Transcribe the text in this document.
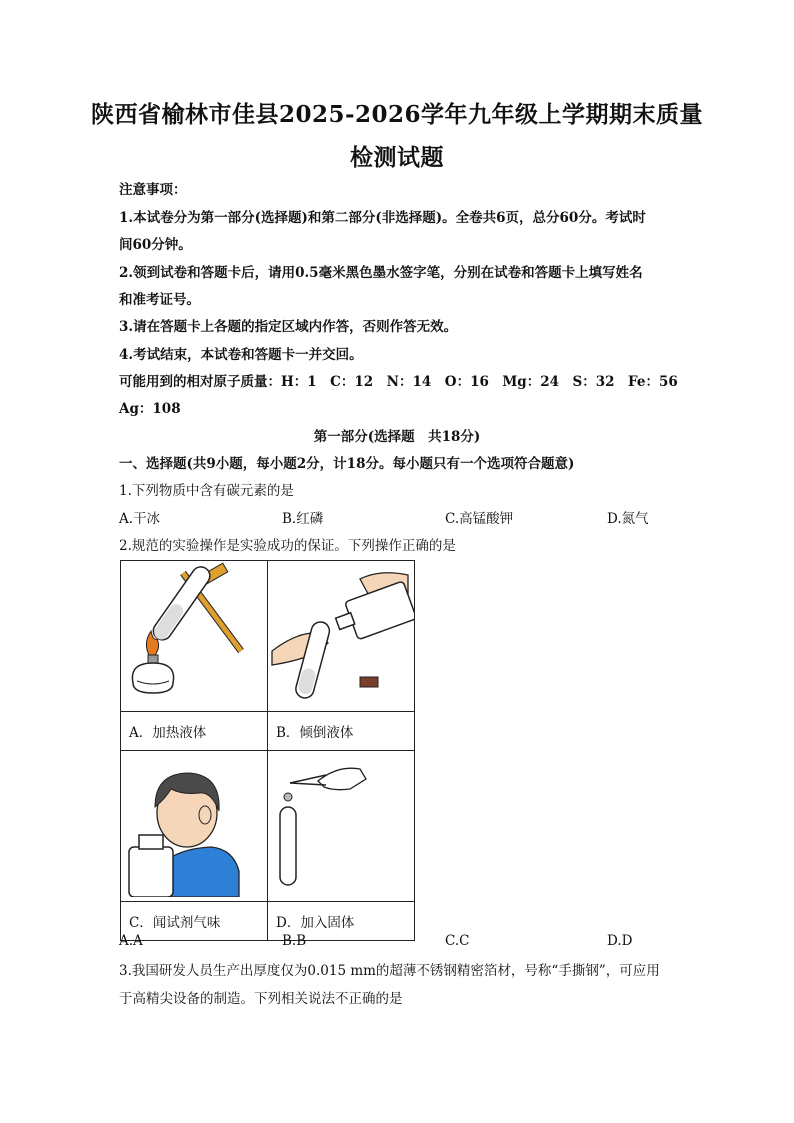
陕西省榆林市佳县2025-2026学年九年级上学期期末质量
检测试题
注意事项：
1.本试卷分为第一部分(选择题)和第二部分(非选择题)。全卷共6页，总分60分。考试时
间60分钟。
2.领到试卷和答题卡后，请用0.5毫米黑色墨水签字笔，分别在试卷和答题卡上填写姓名
和准考证号。
3.请在答题卡上各题的指定区域内作答，否则作答无效。
4.考试结束，本试卷和答题卡一并交回。
可能用到的相对原子质量：H：1　C：12　N：14　O：16　Mg：24　S：32　Fe：56
Ag：108
第一部分(选择题　共18分)
一、选择题(共9小题，每小题2分，计18分。每小题只有一个选项符合题意)
1.下列物质中含有碳元素的是
A.干冰	B.红磷	C.高锰酸钾	D.氮气
2.规范的实验操作是实验成功的保证。下列操作正确的是

A．加热液体	B．倾倒液体

C．闻试剂气味	D．加入固体
A.A	B.B	C.C	D.D
3.我国研发人员生产出厚度仅为0.015 mm的超薄不锈钢精密箔材，号称“手撕钢”，可应用
于高精尖设备的制造。下列相关说法不正确的是
